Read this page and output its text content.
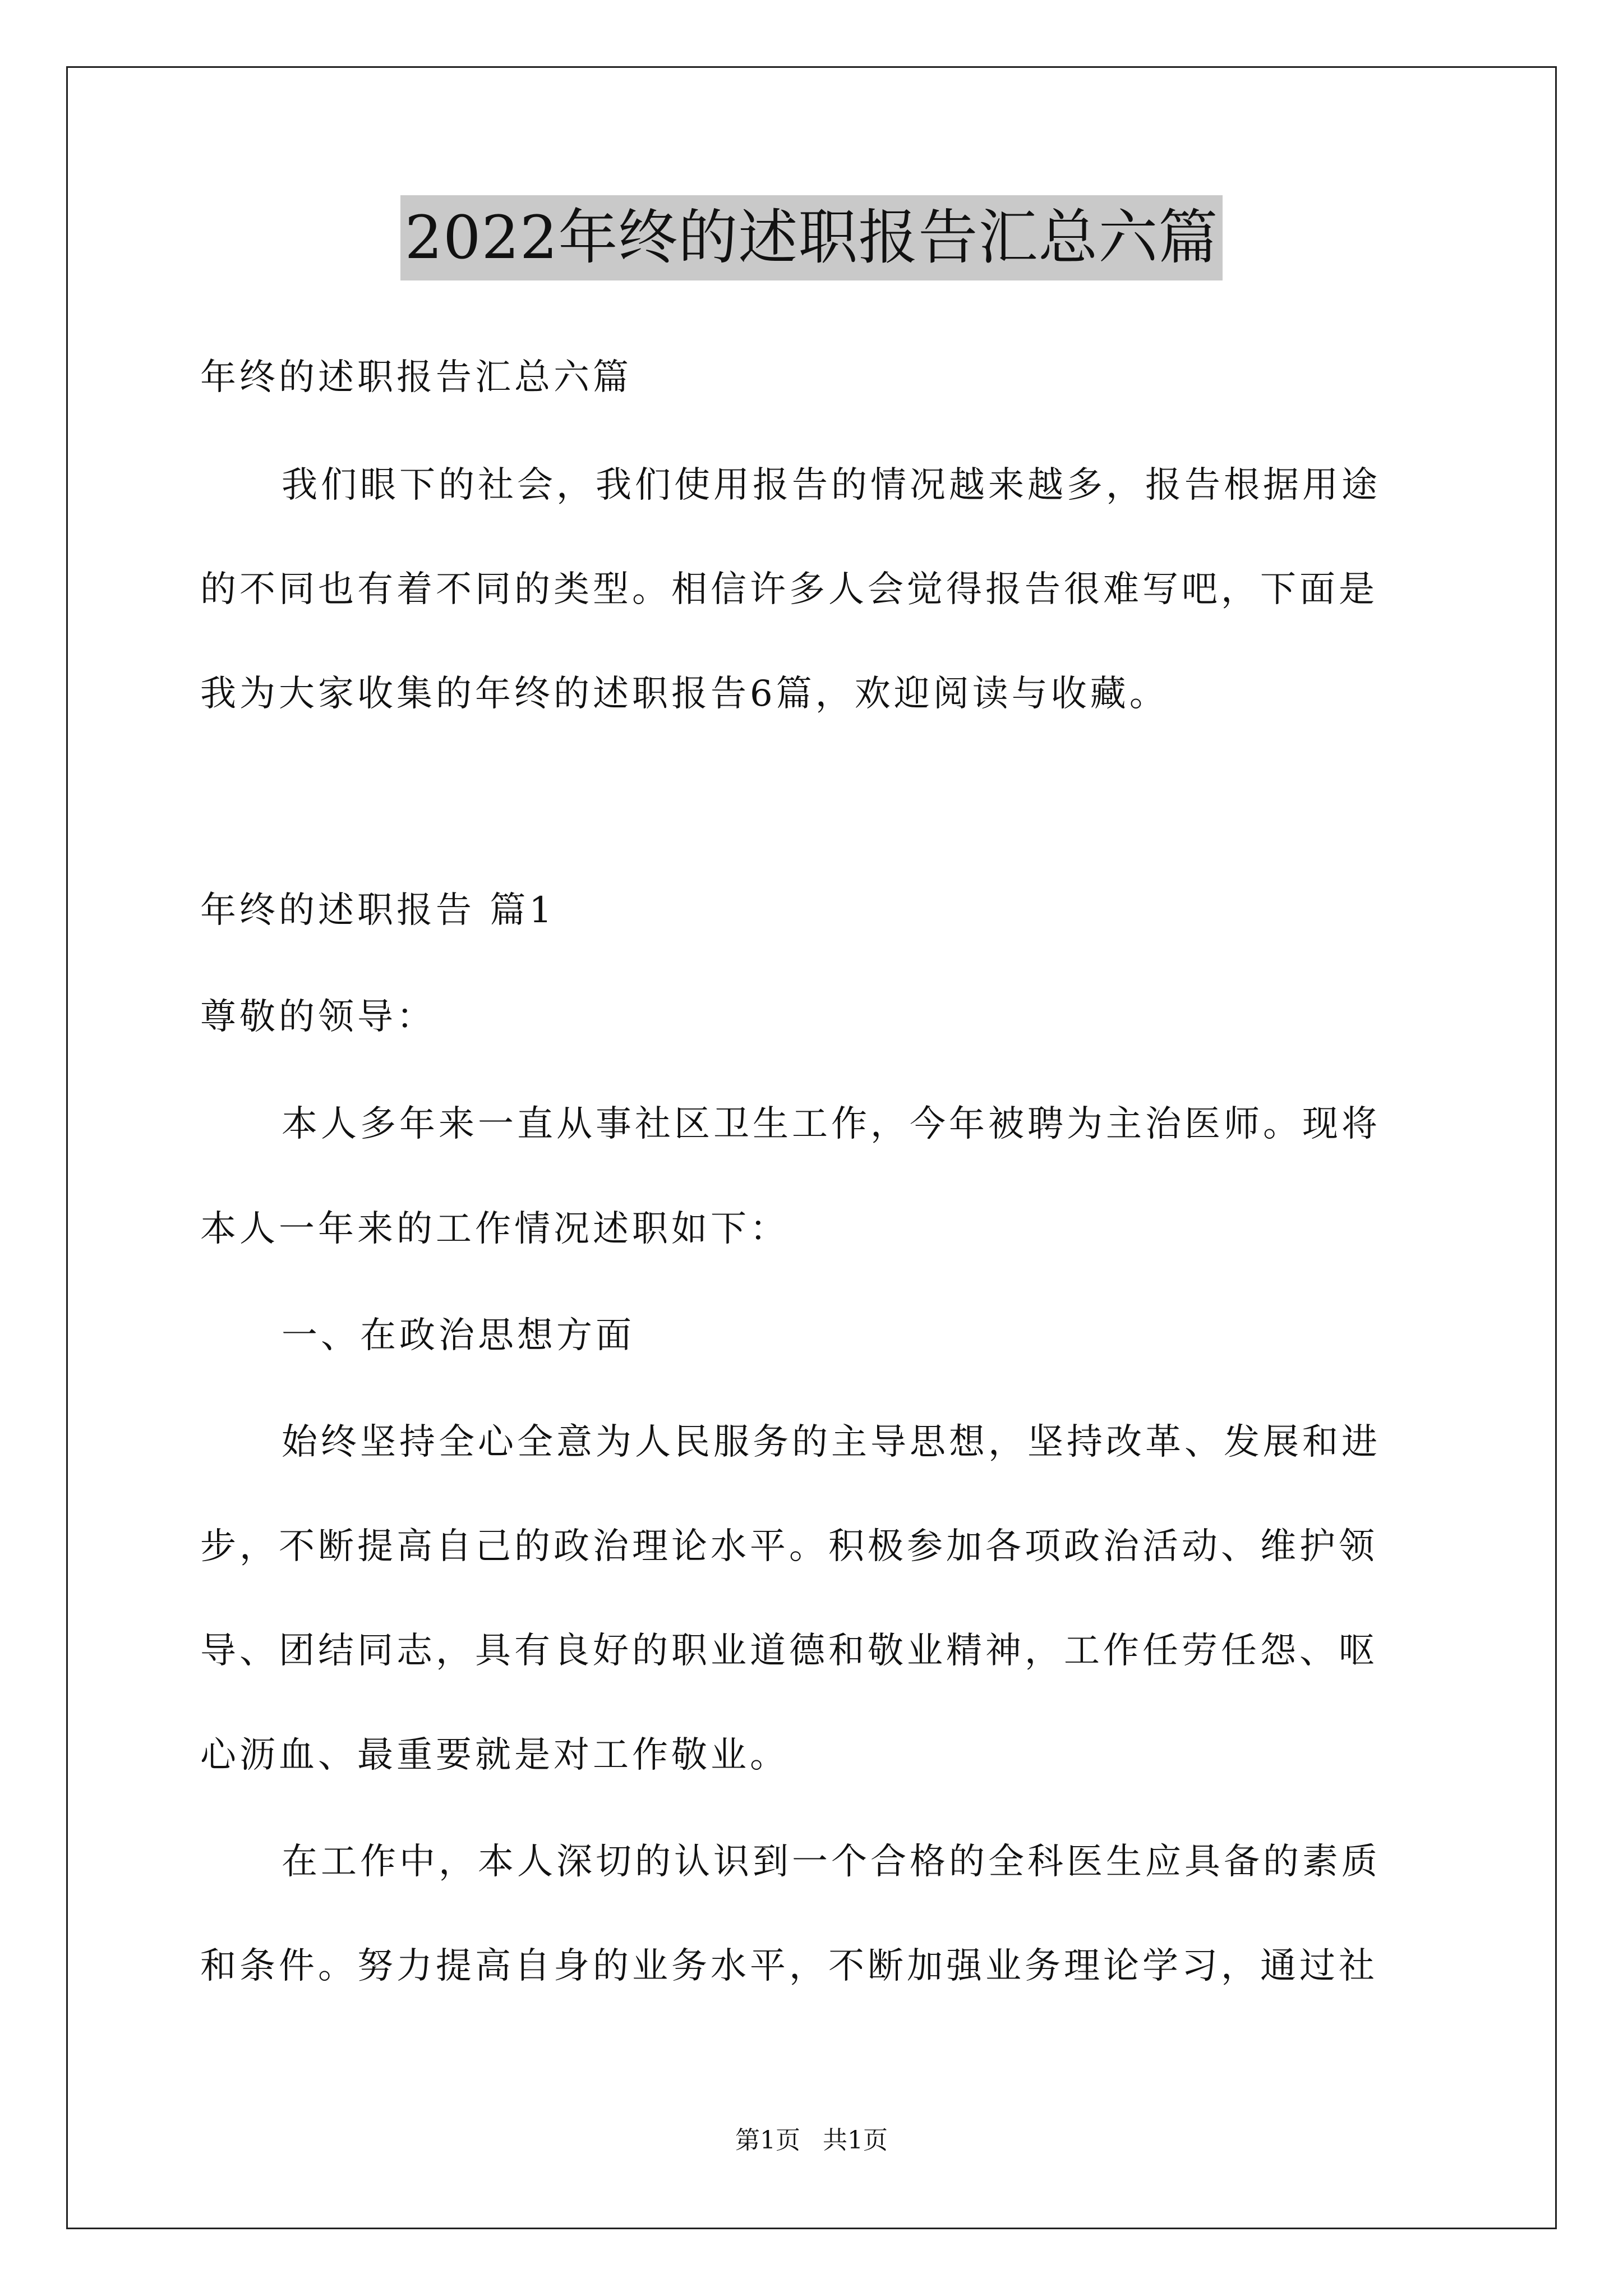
2022年终的述职报告汇总六篇
年终的述职报告汇总六篇
我们眼下的社会，我们使用报告的情况越来越多，报告根据用途
的不同也有着不同的类型。相信许多人会觉得报告很难写吧，下面是
我为大家收集的年终的述职报告6篇，欢迎阅读与收藏。
年终的述职报告 篇1
尊敬的领导：
本人多年来一直从事社区卫生工作，今年被聘为主治医师。现将
本人一年来的工作情况述职如下：
一、在政治思想方面
始终坚持全心全意为人民服务的主导思想，坚持改革、发展和进
步，不断提高自己的政治理论水平。积极参加各项政治活动、维护领
导、团结同志，具有良好的职业道德和敬业精神，工作任劳任怨、呕
心沥血、最重要就是对工作敬业。
在工作中，本人深切的认识到一个合格的全科医生应具备的素质
和条件。努力提高自身的业务水平，不断加强业务理论学习，通过社
第1页 共1页
